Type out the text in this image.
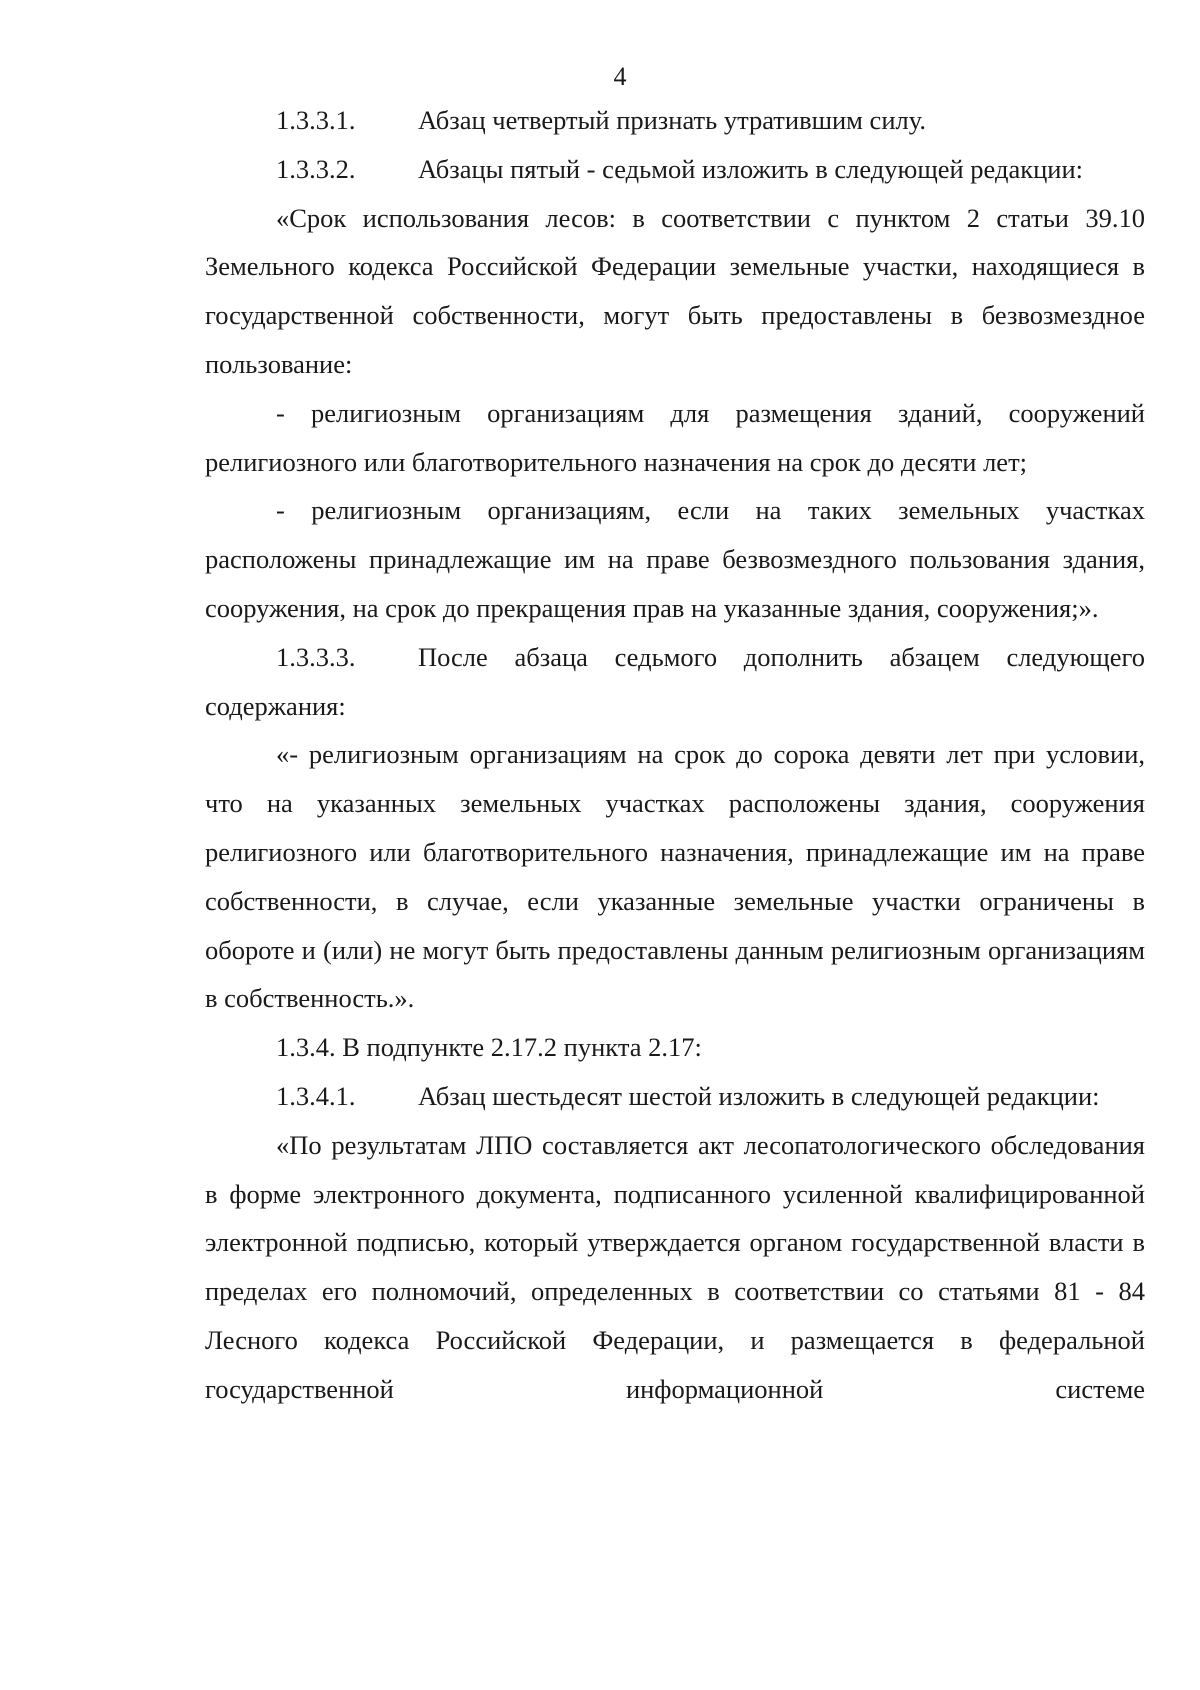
4

1.3.3.1. Абзац четвертый признать утратившим силу.

1.3.3.2. Абзацы пятый - седьмой изложить в следующей редакции:

«Срок использования лесов: в соответствии с пунктом 2 статьи 39.10 Земельного кодекса Российской Федерации земельные участки, находящиеся в государственной собственности, могут быть предоставлены в безвозмездное пользование:

- религиозным организациям для размещения зданий, сооружений религиозного или благотворительного назначения на срок до десяти лет;

- религиозным организациям, если на таких земельных участках расположены принадлежащие им на праве безвозмездного пользования здания, сооружения, на срок до прекращения прав на указанные здания, сооружения;».

1.3.3.3. После абзаца седьмого дополнить абзацем следующего содержания:

«- религиозным организациям на срок до сорока девяти лет при условии, что на указанных земельных участках расположены здания, сооружения религиозного или благотворительного назначения, принадлежащие им на праве собственности, в случае, если указанные земельные участки ограничены в обороте и (или) не могут быть предоставлены данным религиозным организациям в собственность.».

1.3.4. В подпункте 2.17.2 пункта 2.17:

1.3.4.1. Абзац шестьдесят шестой изложить в следующей редакции:

«По результатам ЛПО составляется акт лесопатологического обследования в форме электронного документа, подписанного усиленной квалифицированной электронной подписью, который утверждается органом государственной власти в пределах его полномочий, определенных в соответствии со статьями 81 - 84 Лесного кодекса Российской Федерации, и размещается в федеральной государственной информационной системе
